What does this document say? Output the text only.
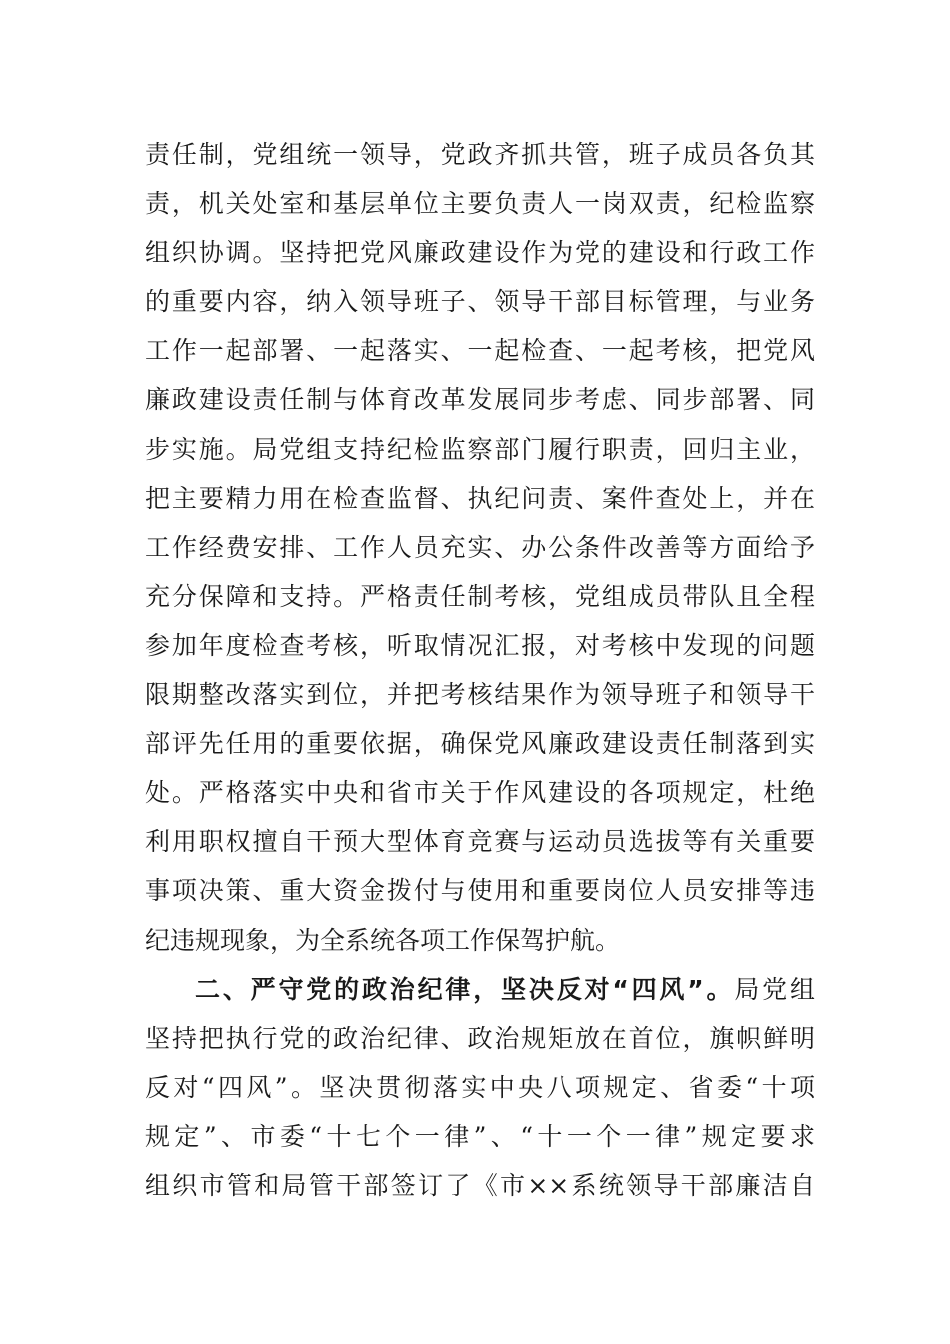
责任制，党组统一领导，党政齐抓共管，班子成员各负其
责，机关处室和基层单位主要负责人一岗双责，纪检监察
组织协调。坚持把党风廉政建设作为党的建设和行政工作
的重要内容，纳入领导班子、领导干部目标管理，与业务
工作一起部署、一起落实、一起检查、一起考核，把党风
廉政建设责任制与体育改革发展同步考虑、同步部署、同
步实施。局党组支持纪检监察部门履行职责，回归主业，
把主要精力用在检查监督、执纪问责、案件查处上，并在
工作经费安排、工作人员充实、办公条件改善等方面给予
充分保障和支持。严格责任制考核，党组成员带队且全程
参加年度检查考核，听取情况汇报，对考核中发现的问题
限期整改落实到位，并把考核结果作为领导班子和领导干
部评先任用的重要依据，确保党风廉政建设责任制落到实
处。严格落实中央和省市关于作风建设的各项规定，杜绝
利用职权擅自干预大型体育竞赛与运动员选拔等有关重要
事项决策、重大资金拨付与使用和重要岗位人员安排等违
纪违规现象，为全系统各项工作保驾护航。
二、严守党的政治纪律，坚决反对“四风”。局党组
坚持把执行党的政治纪律、政治规矩放在首位，旗帜鲜明
反对“四风”。坚决贯彻落实中央八项规定、省委“十项
规定”、市委“十七个一律”、“十一个一律”规定要求
组织市管和局管干部签订了《市××系统领导干部廉洁自
